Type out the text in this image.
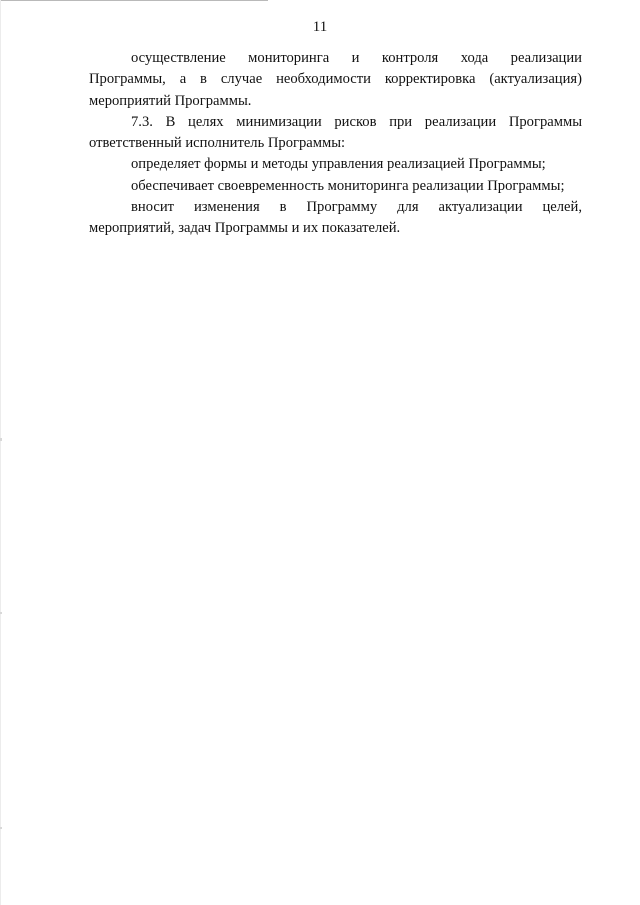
11

осуществление мониторинга и контроля хода реализации

Программы, а в случае необходимости корректировка (актуализация)

мероприятий Программы.

7.3. В целях минимизации рисков при реализации Программы

ответственный исполнитель Программы:

определяет формы и методы управления реализацией Программы;

обеспечивает своевременность мониторинга реализации Программы;

вносит изменения в Программу для актуализации целей,

мероприятий, задач Программы и их показателей.
